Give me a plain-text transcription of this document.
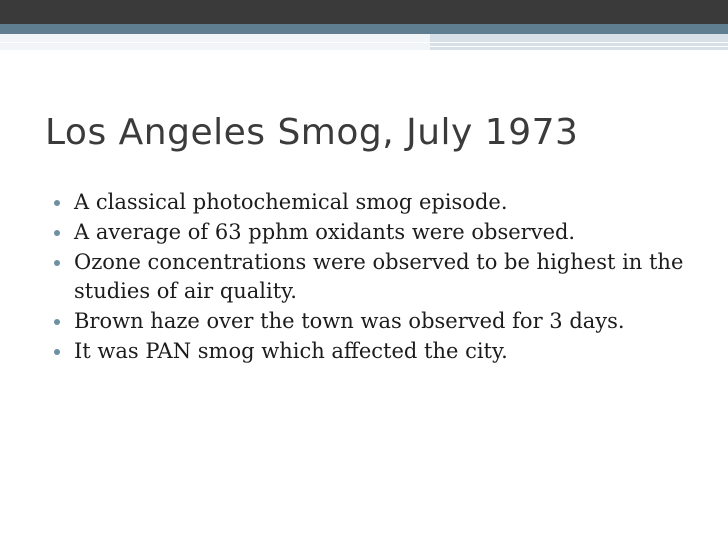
Los Angeles Smog, July 1973
A classical photochemical smog episode.
A average of 63 pphm oxidants were observed.
Ozone concentrations were observed to be highest in the studies of air quality.
Brown haze over the town was observed for 3 days.
It was PAN smog which affected the city.
